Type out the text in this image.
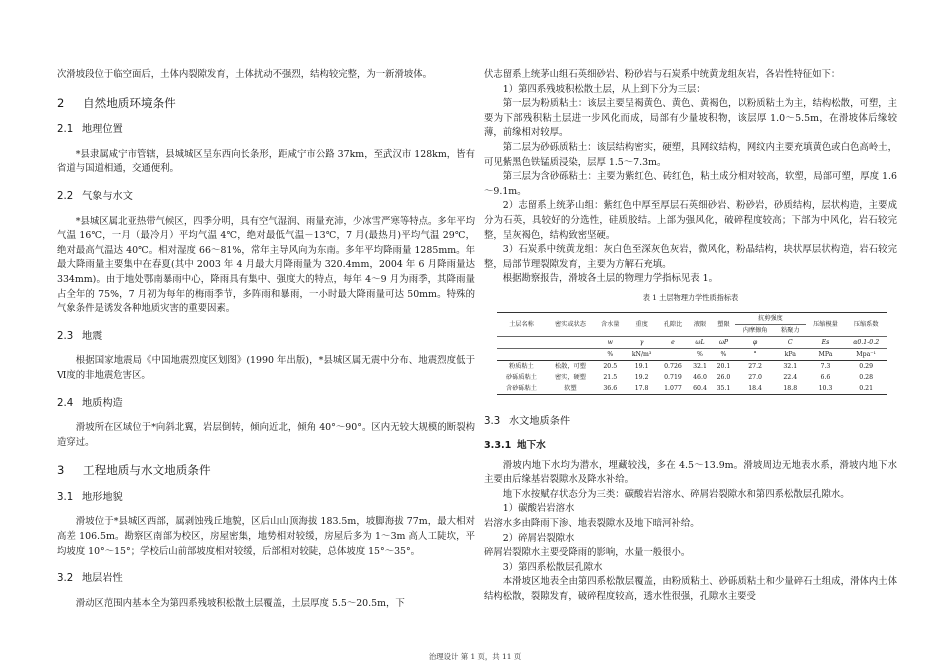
次滑坡段位于临空面后，土体内裂隙发育，土体扰动不强烈，结构较完整，为一新滑坡体。

2	自然地质环境条件
2.1 地理位置

*县隶属咸宁市管辖，县城城区呈东西向长条形，距咸宁市公路 37km，至武汉市 128km，皆有省道与国道相通，交通便利。

2.2 气象与水文

*县城区属北亚热带气候区，四季分明，具有空气湿润、雨量充沛，少冰雪严寒等特点。多年平均气温 16℃，一月（最冷月）平均气温 4℃，绝对最低气温－13℃，7 月(最热月)平均气温 29℃，绝对最高气温达 40℃。相对湿度 66～81%，常年主导风向为东南。多年平均降雨量 1285mm。年最大降雨量主要集中在春夏(其中 2003 年 4 月最大月降雨量为 320.4mm，2004 年 6 月降雨量达 334mm)。由于地处鄂南暴雨中心，降雨具有集中、强度大的特点，每年 4～9 月为雨季，其降雨量占全年的 75%，7 月初为每年的梅雨季节，多阵雨和暴雨，一小时最大降雨量可达 50mm。特殊的气象条件是诱发各种地质灾害的重要因素。

2.3 地震

根据国家地震局《中国地震烈度区划图》(1990 年出版)，*县城区属无震中分布、地震烈度低于Ⅵ度的非地震危害区。

2.4 地质构造

滑坡所在区域位于*向斜北翼，岩层倒转，倾向近北，倾角 40°～90°。区内无较大规模的断裂构造穿过。

3	工程地质与水文地质条件
3.1 地形地貌

滑坡位于*县城区西部，属剥蚀残丘地貌，区后山山顶海拔 183.5m，坡脚海拔 77m，最大相对高差 106.5m。勘察区南部为校区，房屋密集，地势相对较缓，房屋后多为 1～3m 高人工陡坎，平均坡度 10°～15°；学校后山前部坡度相对较缓，后部相对较陡，总体坡度 15°～35°。

3.2 地层岩性

滑动区范围内基本全为第四系残坡积松散土层覆盖，土层厚度 5.5～20.5m，下

伏志留系上统茅山组石英细砂岩、粉砂岩与石炭系中统黄龙组灰岩，各岩性特征如下：

1）第四系残坡积松散土层，从上到下分为三层：

第一层为粉质粘土：该层主要呈褐黄色、黄色、黄褐色，以粉质粘土为主，结构松散，可塑，主要为下部残积粘土层进一步风化而成，局部有少量坡积物，该层厚 1.0～5.5m，在滑坡体后缘较薄，前缘相对较厚。

第二层为砂砾质粘土：该层结构密实，硬塑，具网纹结构，网纹内主要充填黄色或白色高岭土，可见紫黑色铁锰质浸染，层厚 1.5～7.3m。

第三层为含砂砾粘土：主要为紫红色、砖红色，粘土成分相对较高，软塑，局部可塑，厚度 1.6～9.1m。

2）志留系上统茅山组：紫红色中厚至厚层石英细砂岩、粉砂岩，砂质结构，层状构造，主要成分为石英，具较好的分选性，硅质胶结。上部为强风化，破碎程度较高；下部为中风化，岩石较完整，呈灰褐色，结构致密坚硬。

3）石炭系中统黄龙组：灰白色至深灰色灰岩，微风化，粉晶结构，块状厚层状构造，岩石较完整，局部节理裂隙发育，主要为方解石充填。

根据勘察报告，滑坡各土层的物理力学指标见表 1。

表 1 土层物理力学性质指标表
土层名称	密实或状态	含水量	重度	孔隙比	液限	塑限	抗剪强度		压缩模量	压缩系数
							内摩擦角	粘聚力		
		w	γ	e	ωL	ωP	φ	C	Es	α0.1-0.2
		%	kN/m³		%	%	°	kPa	MPa	Mpa⁻¹
粉质粘土	松散，可塑	20.5	19.1	0.726	32.1	20.1	27.2	32.1	7.3	0.29
砂砾质粘土	密实，硬塑	21.5	19.2	0.719	46.0	26.0	27.0	22.4	6.6	0.28
含砂砾粘土	软塑	36.6	17.8	1.077	60.4	35.1	18.4	18.8	10.3	0.21
3.3 水文地质条件
3.3.1 地下水

滑坡内地下水均为潜水，埋藏较浅，多在 4.5～13.9m。滑坡周边无地表水系，滑坡内地下水主要由后缘基岩裂隙水及降水补给。

地下水按赋存状态分为三类：碳酸岩岩溶水、碎屑岩裂隙水和第四系松散层孔隙水。

1）碳酸岩岩溶水

岩溶水多由降雨下渗、地表裂隙水及地下暗河补给。

2）碎屑岩裂隙水

碎屑岩裂隙水主要受降雨的影响，水量一般很小。

3）第四系松散层孔隙水

本滑坡区地表全由第四系松散层覆盖，由粉质粘土、砂砾质粘土和少量碎石土组成，滑体内土体结构松散，裂隙发育，破碎程度较高，透水性很强，孔隙水主要受

治理设计 第 1 页，共 11 页
